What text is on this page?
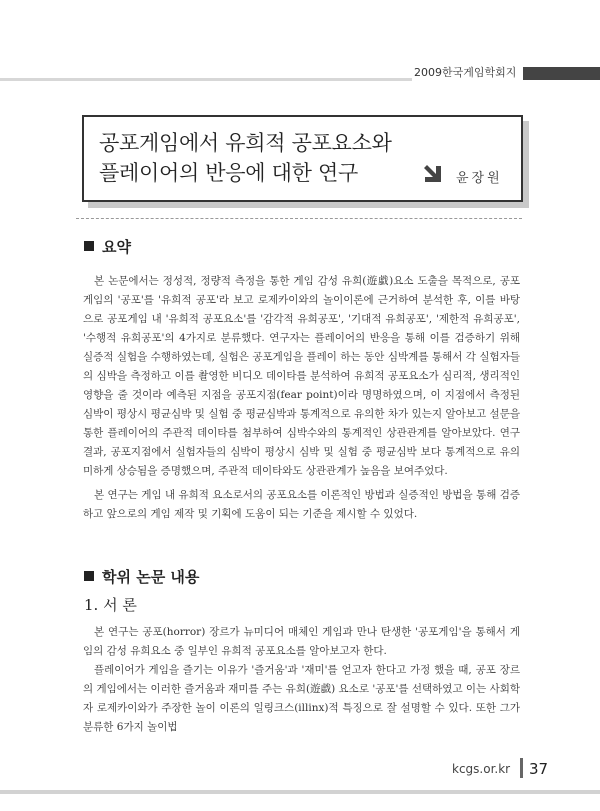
2009한국게임학회지
공포게임에서 유희적 공포요소와
플레이어의 반응에 대한 연구	윤장원
요약

본 논문에서는 정성적, 정량적 측정을 통한 게임 감성 유희(遊戱)요소 도출을 목적으로, 공포게임의 '공포'를 '유희적 공포'라 보고 로제카이와의 놀이이론에 근거하여 분석한 후, 이를 바탕으로 공포게임 내 '유희적 공포요소'를 '감각적 유희공포', '기대적 유희공포', '제한적 유희공포', '수행적 유희공포'의 4가지로 분류했다. 연구자는 플레이어의 반응을 통해 이를 검증하기 위해 실증적 실험을 수행하였는데, 실험은 공포게임을 플레이 하는 동안 심박계를 통해서 각 실험자들의 심박을 측정하고 이를 촬영한 비디오 데이타를 분석하여 유희적 공포요소가 심리적, 생리적인 영향을 줄 것이라 예측된 지점을 공포지점(fear point)이라 명명하였으며, 이 지점에서 측정된 심박이 평상시 평균심박 및 실험 중 평균심박과 통계적으로 유의한 차가 있는지 알아보고 설문을 통한 플레이어의 주관적 데이타를 첨부하여 심박수와의 통계적인 상관관계를 알아보았다. 연구 결과, 공포지점에서 실험자들의 심박이 평상시 심박 및 실험 중 평균심박 보다 통계적으로 유의미하게 상승됨을 증명했으며, 주관적 데이타와도 상관관계가 높음을 보여주었다.

본 연구는 게임 내 유희적 요소로서의 공포요소를 이론적인 방법과 실증적인 방법을 통해 검증하고 앞으로의 게임 제작 및 기획에 도움이 되는 기준을 제시할 수 있었다.

학위 논문 내용
1. 서 론

본 연구는 공포(horror) 장르가 뉴미디어 매체인 게임과 만나 탄생한 '공포게임'을 통해서 게임의 감성 유희요소 중 일부인 유희적 공포요소를 알아보고자 한다.

플레이어가 게임을 즐기는 이유가 '즐거움'과 '재미'를 얻고자 한다고 가정 했을 때, 공포 장르의 게임에서는 이러한 즐거움과 재미를 주는 유희(遊戱) 요소로 '공포'를 선택하였고 이는 사회학자 로제카이와가 주장한 놀이 이론의 일링크스(illinx)적 특징으로 잘 설명할 수 있다. 또한 그가 분류한 6가지 놀이법

kcgs.or.kr 37
